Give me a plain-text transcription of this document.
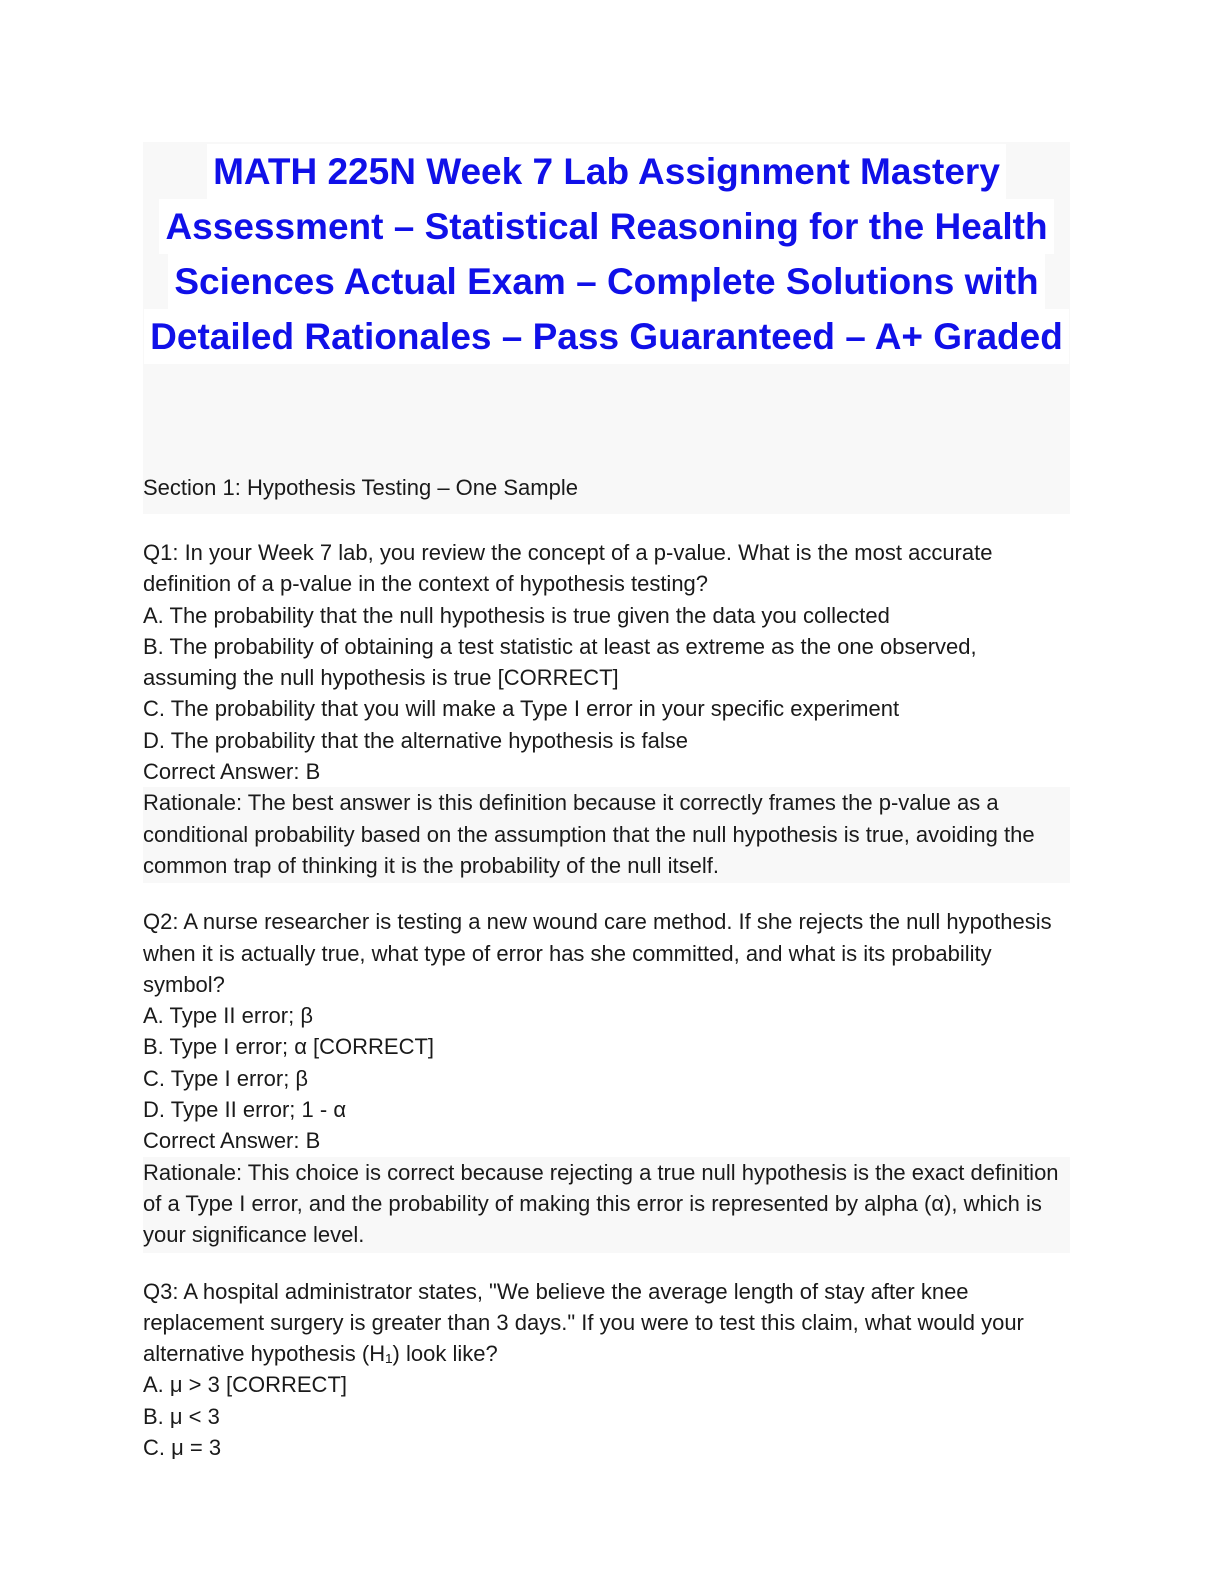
MATH 225N Week 7 Lab Assignment Mastery
Assessment – Statistical Reasoning for the Health
Sciences Actual Exam – Complete Solutions with
Detailed Rationales – Pass Guaranteed – A+ Graded
Section 1: Hypothesis Testing – One Sample

Q1: In your Week 7 lab, you review the concept of a p-value. What is the most accurate definition of a p-value in the context of hypothesis testing?

A. The probability that the null hypothesis is true given the data you collected

B. The probability of obtaining a test statistic at least as extreme as the one observed, assuming the null hypothesis is true [CORRECT]

C. The probability that you will make a Type I error in your specific experiment

D. The probability that the alternative hypothesis is false

Correct Answer: B

Rationale: The best answer is this definition because it correctly frames the p-value as a conditional probability based on the assumption that the null hypothesis is true, avoiding the common trap of thinking it is the probability of the null itself.

Q2: A nurse researcher is testing a new wound care method. If she rejects the null hypothesis when it is actually true, what type of error has she committed, and what is its probability symbol?

A. Type II error; β

B. Type I error; α [CORRECT]

C. Type I error; β

D. Type II error; 1 - α

Correct Answer: B

Rationale: This choice is correct because rejecting a true null hypothesis is the exact definition of a Type I error, and the probability of making this error is represented by alpha (α), which is your significance level.

Q3: A hospital administrator states, "We believe the average length of stay after knee replacement surgery is greater than 3 days." If you were to test this claim, what would your alternative hypothesis (H₁) look like?

A. μ > 3 [CORRECT]

B. μ < 3

C. μ = 3
